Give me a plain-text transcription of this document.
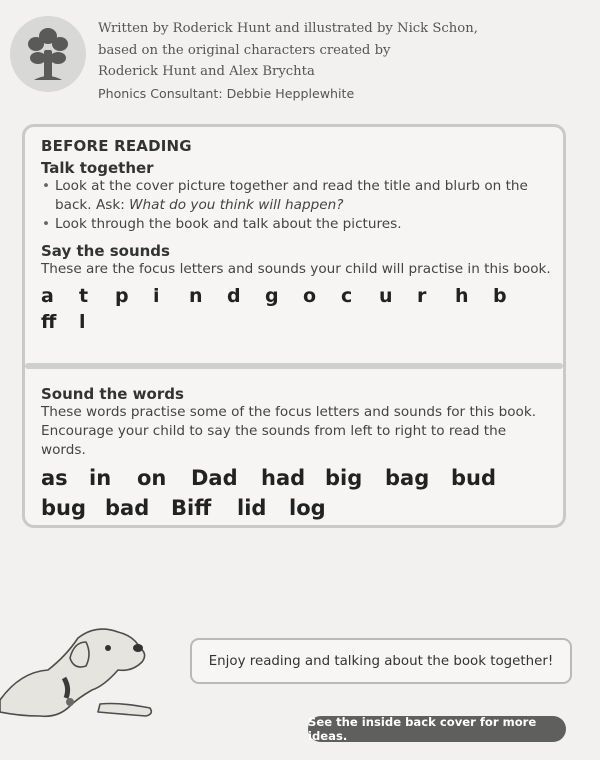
Written by Roderick Hunt and illustrated by Nick Schon,
based on the original characters created by
Roderick Hunt and Alex Brychta
Phonics Consultant: Debbie Hepplewhite
BEFORE READING
Talk together
• Look at the cover picture together and read the title and blurb on the
back. Ask: What do you think will happen?
• Look through the book and talk about the pictures.
Say the sounds
These are the focus letters and sounds your child will practise in this book.
a t p i n d g o c u r h b
ff l
Sound the words
These words practise some of the focus letters and sounds for this book.
Encourage your child to say the sounds from left to right to read the words.
as in on Dad had big bag bud
bug bad Biff lid log
Enjoy reading and talking about the book together!
See the inside back cover for more ideas.
